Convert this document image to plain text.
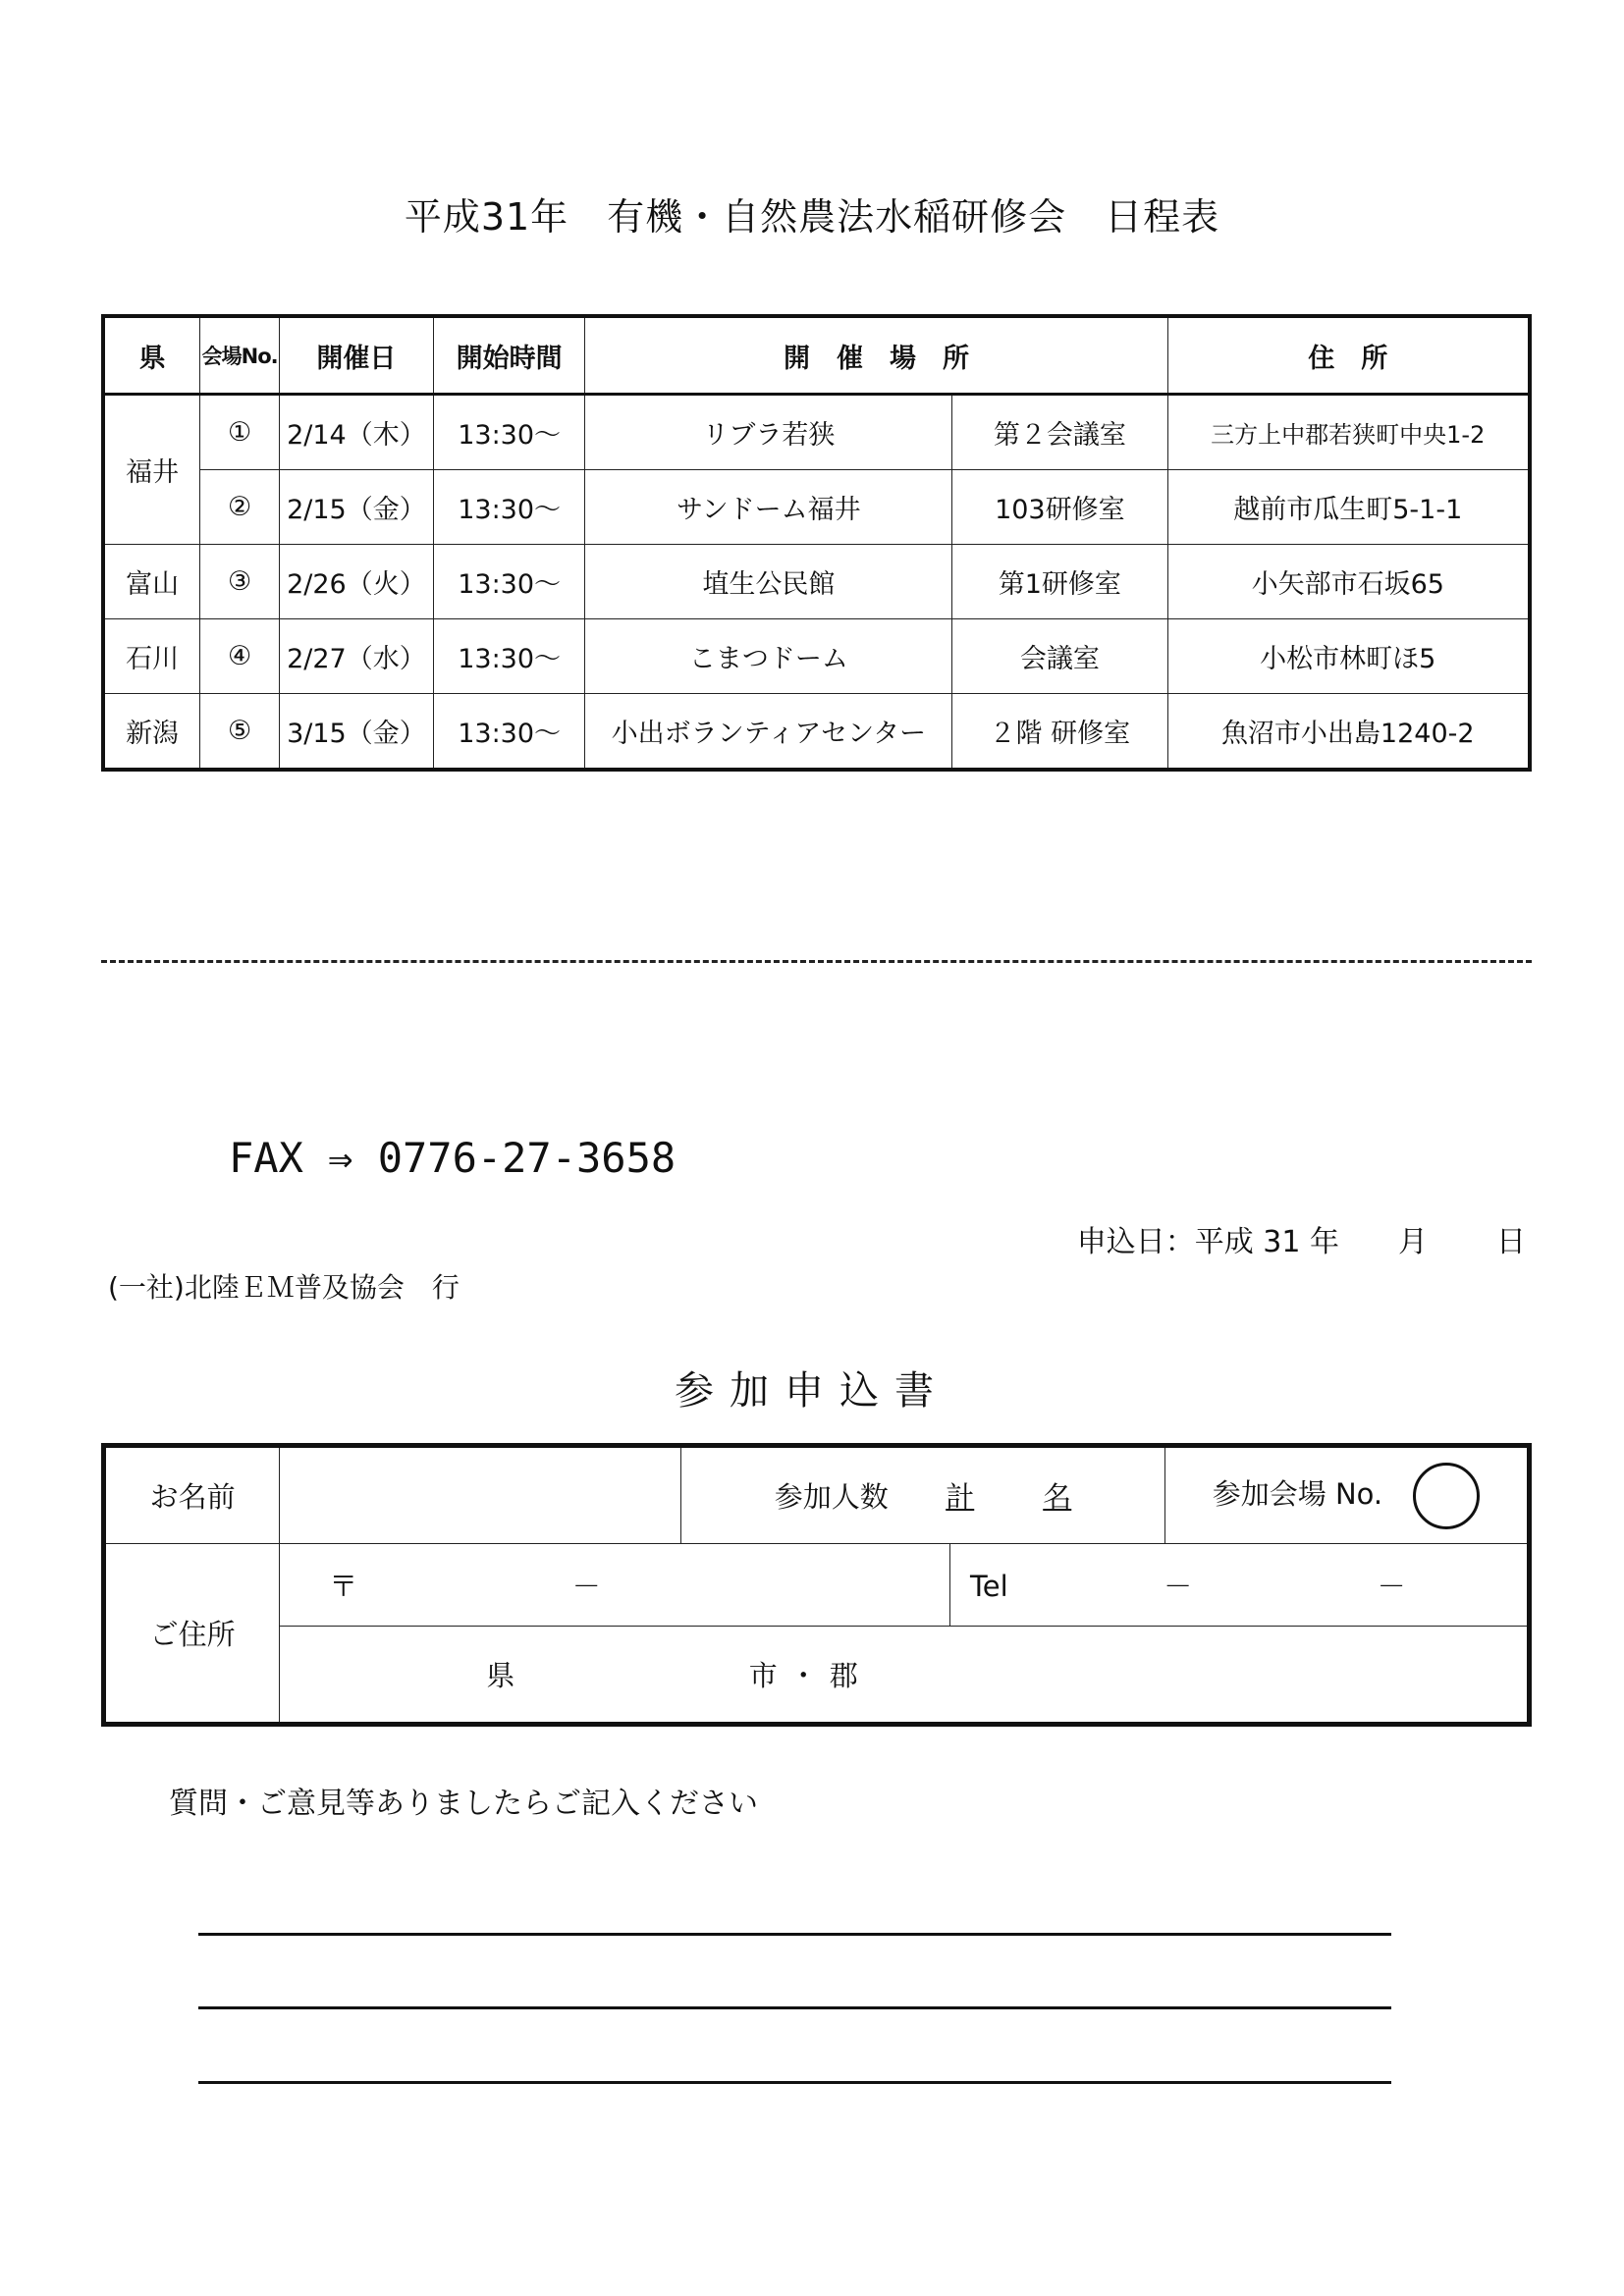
平成31年　有機・自然農法水稲研修会　日程表
県	会場No.	開催日	開始時間	開　催　場　所		住　所
福井	①	2/14（木）	13:30～	リブラ若狭	第２会議室	三方上中郡若狭町中央1-2
	②	2/15（金）	13:30～	サンドーム福井	103研修室	越前市瓜生町5-1-1
富山	③	2/26（火）	13:30～	埴生公民館	第1研修室	小矢部市石坂65
石川	④	2/27（水）	13:30～	こまつドーム	会議室	小松市林町ほ5
新潟	⑤	3/15（金）	13:30～	小出ボランティアセンター	２階 研修室	魚沼市小出島1240-2
FAX ⇒ 0776-27-3658
申込日：平成 31 年 月 日
(一社)北陸ＥＭ普及協会　行
参加申込書
お名前		参加人数 計 名		参加会場 No.
ご住所	〒 －		Tel － －	
	県 市・郡			
質問・ご意見等ありましたらご記入ください
